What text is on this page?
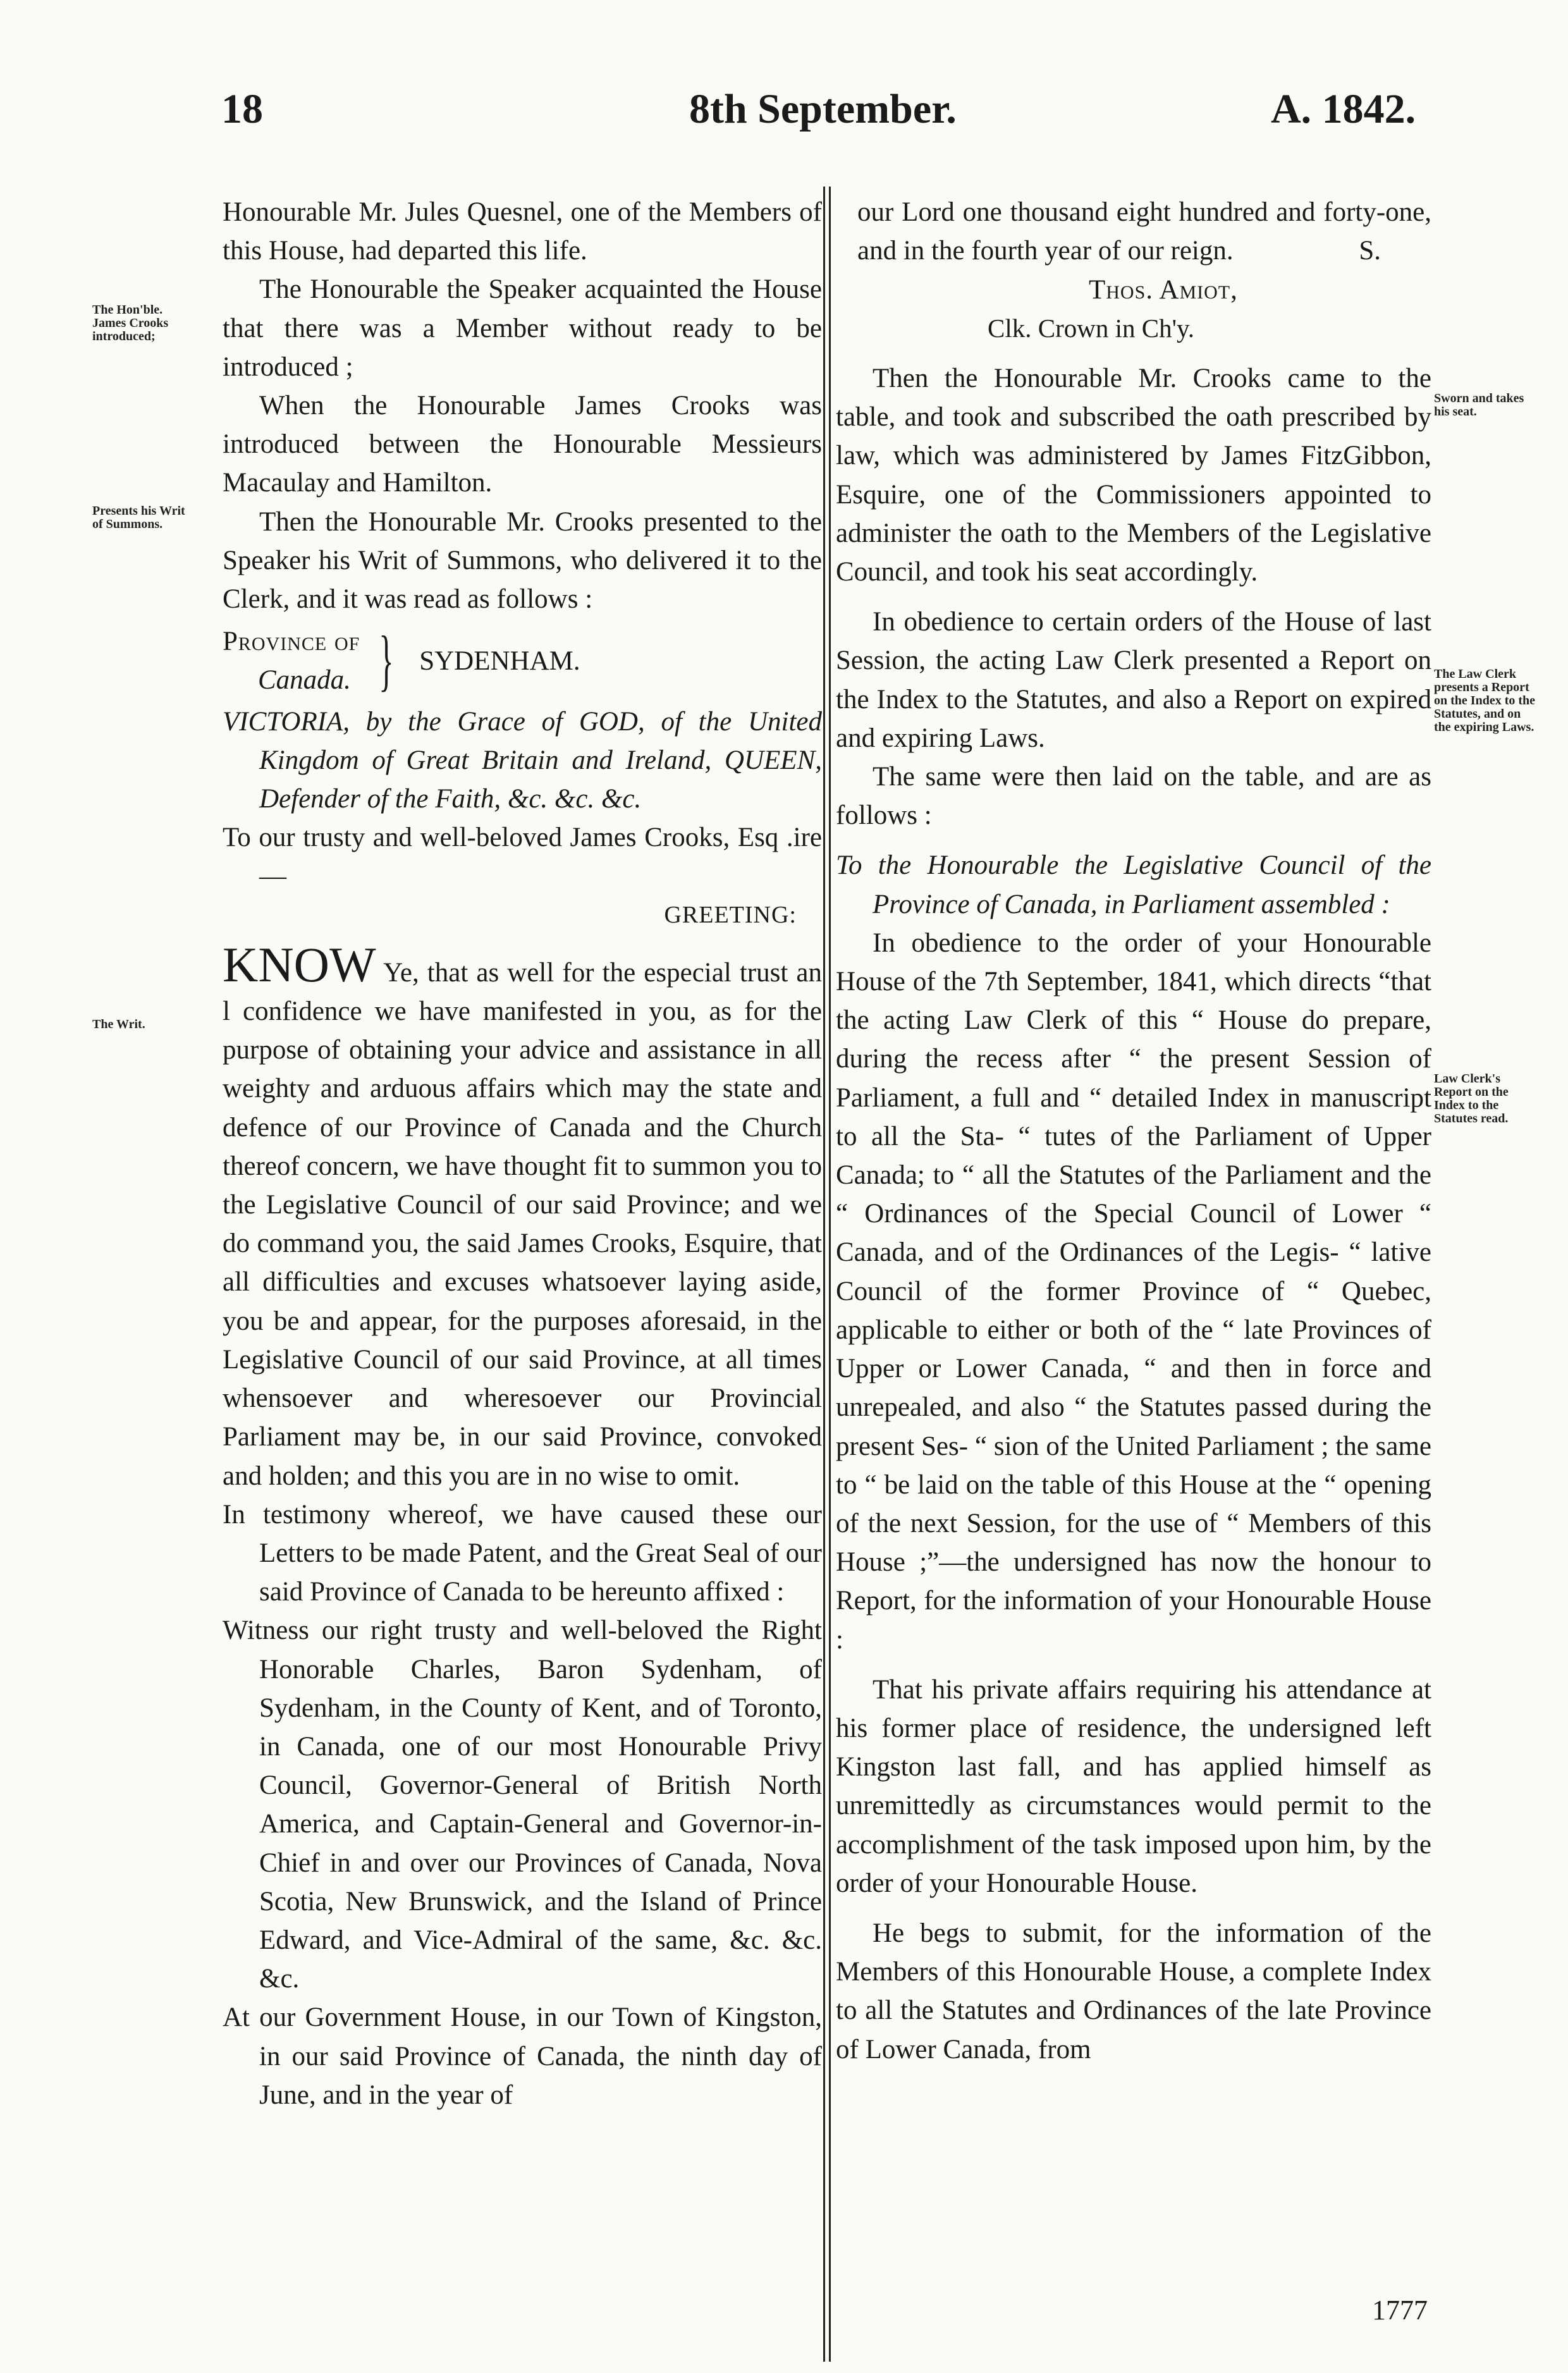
18	8th September.	A. 1842.
The Hon'ble. James Crooks introduced;
Presents his Writ of Summons.
The Writ.
Sworn and takes his seat.
The Law Clerk presents a Report on the Index to the Statutes, and on the expiring Laws.
Law Clerk's Report on the Index to the Statutes read.

Honourable Mr. Jules Quesnel, one of the Members of this House, had departed this life.

The Honourable the Speaker acquainted the House that there was a Member without ready to be introduced ;

When the Honourable James Crooks was introduced between the Honourable Messieurs Macaulay and Hamilton.

Then the Honourable Mr. Crooks presented to the Speaker his Writ of Summons, who delivered it to the Clerk, and it was read as follows :

Province of
Canada. } SYDENHAM.

VICTORIA, by the Grace of GOD, of the United Kingdom of Great Britain and Ireland, QUEEN, Defender of the Faith, &c. &c. &c.

To our trusty and well-beloved James Crooks, Esq .ire—

GREETING:

KNOW Ye, that as well for the especial trust an l confidence we have manifested in you, as for the purpose of obtaining your advice and assistance in all weighty and arduous affairs which may the state and defence of our Province of Canada and the Church thereof concern, we have thought fit to summon you to the Legislative Council of our said Province; and we do command you, the said James Crooks, Esquire, that all difficulties and excuses whatsoever laying aside, you be and appear, for the purposes aforesaid, in the Legislative Council of our said Province, at all times whensoever and wheresoever our Provincial Parliament may be, in our said Province, convoked and holden; and this you are in no wise to omit.

In testimony whereof, we have caused these our Letters to be made Patent, and the Great Seal of our said Province of Canada to be hereunto affixed :

Witness our right trusty and well-beloved the Right Honorable Charles, Baron Sydenham, of Sydenham, in the County of Kent, and of Toronto, in Canada, one of our most Honourable Privy Council, Governor-General of British North America, and Captain-General and Governor-in-Chief in and over our Provinces of Canada, Nova Scotia, New Brunswick, and the Island of Prince Edward, and Vice-Admiral of the same, &c. &c. &c.

At our Government House, in our Town of Kingston, in our said Province of Canada, the ninth day of June, and in the year of

our Lord one thousand eight hundred and forty-one, and in the fourth year of our reign.	S.

Thos. Amiot,

Clk. Crown in Ch'y.

Then the Honourable Mr. Crooks came to the table, and took and subscribed the oath prescribed by law, which was administered by James FitzGibbon, Esquire, one of the Commissioners appointed to administer the oath to the Members of the Legislative Council, and took his seat accordingly.

In obedience to certain orders of the House of last Session, the acting Law Clerk presented a Report on the Index to the Statutes, and also a Report on expired and expiring Laws.

The same were then laid on the table, and are as follows :

To the Honourable the Legislative Council of the Province of Canada, in Parliament assembled :

In obedience to the order of your Honourable House of the 7th September, 1841, which directs “that the acting Law Clerk of this “ House do prepare, during the recess after “ the present Session of Parliament, a full and “ detailed Index in manuscript to all the Sta- “ tutes of the Parliament of Upper Canada; to “ all the Statutes of the Parliament and the “ Ordinances of the Special Council of Lower “ Canada, and of the Ordinances of the Legis- “ lative Council of the former Province of “ Quebec, applicable to either or both of the “ late Provinces of Upper or Lower Canada, “ and then in force and unrepealed, and also “ the Statutes passed during the present Ses- “ sion of the United Parliament ; the same to “ be laid on the table of this House at the “ opening of the next Session, for the use of “ Members of this House ;”—the undersigned has now the honour to Report, for the information of your Honourable House :

That his private affairs requiring his attendance at his former place of residence, the undersigned left Kingston last fall, and has applied himself as unremittedly as circumstances would permit to the accomplishment of the task imposed upon him, by the order of your Honourable House.

He begs to submit, for the information of the Members of this Honourable House, a complete Index to all the Statutes and Ordinances of the late Province of Lower Canada, from

1777
